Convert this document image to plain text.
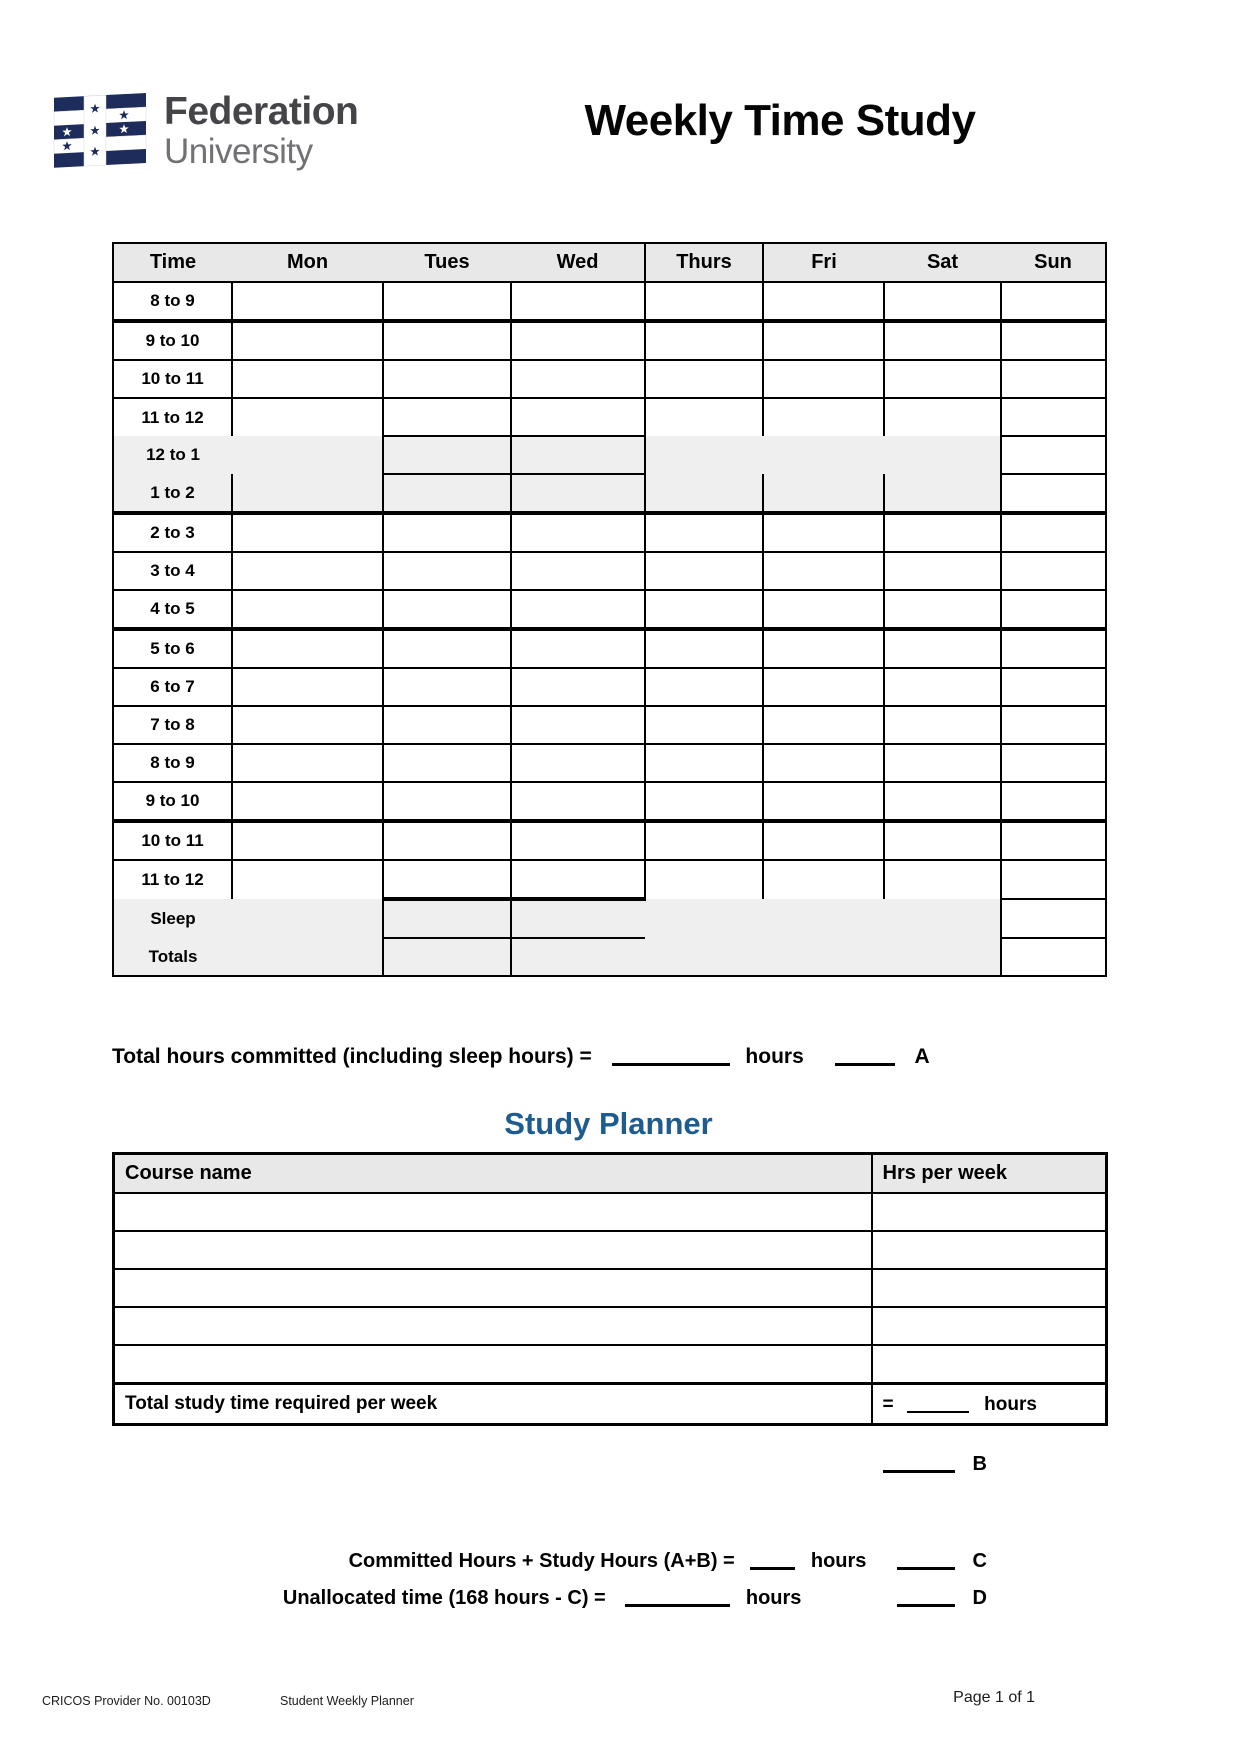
Federation
University
Weekly Time Study
Time	Mon	Tues	Wed	Thurs	Fri	Sat	Sun
8 to 9							
9 to 10							
10 to 11							
11 to 12							
12 to 1							
1 to 2							
2 to 3							
3 to 4							
4 to 5							
5 to 6							
6 to 7							
7 to 8							
8 to 9							
9 to 10							
10 to 11							
11 to 12							
Sleep							
Totals							
Total hours committed (including sleep hours) =	hours	A
Study Planner
Course name	Hrs per week

Total study time required per week	= hours
B
Committed Hours + Study Hours (A+B) =	hours	C
Unallocated time (168 hours - C) =	hours	D
CRICOS Provider No. 00103D	Student Weekly Planner	Page 1 of 1
